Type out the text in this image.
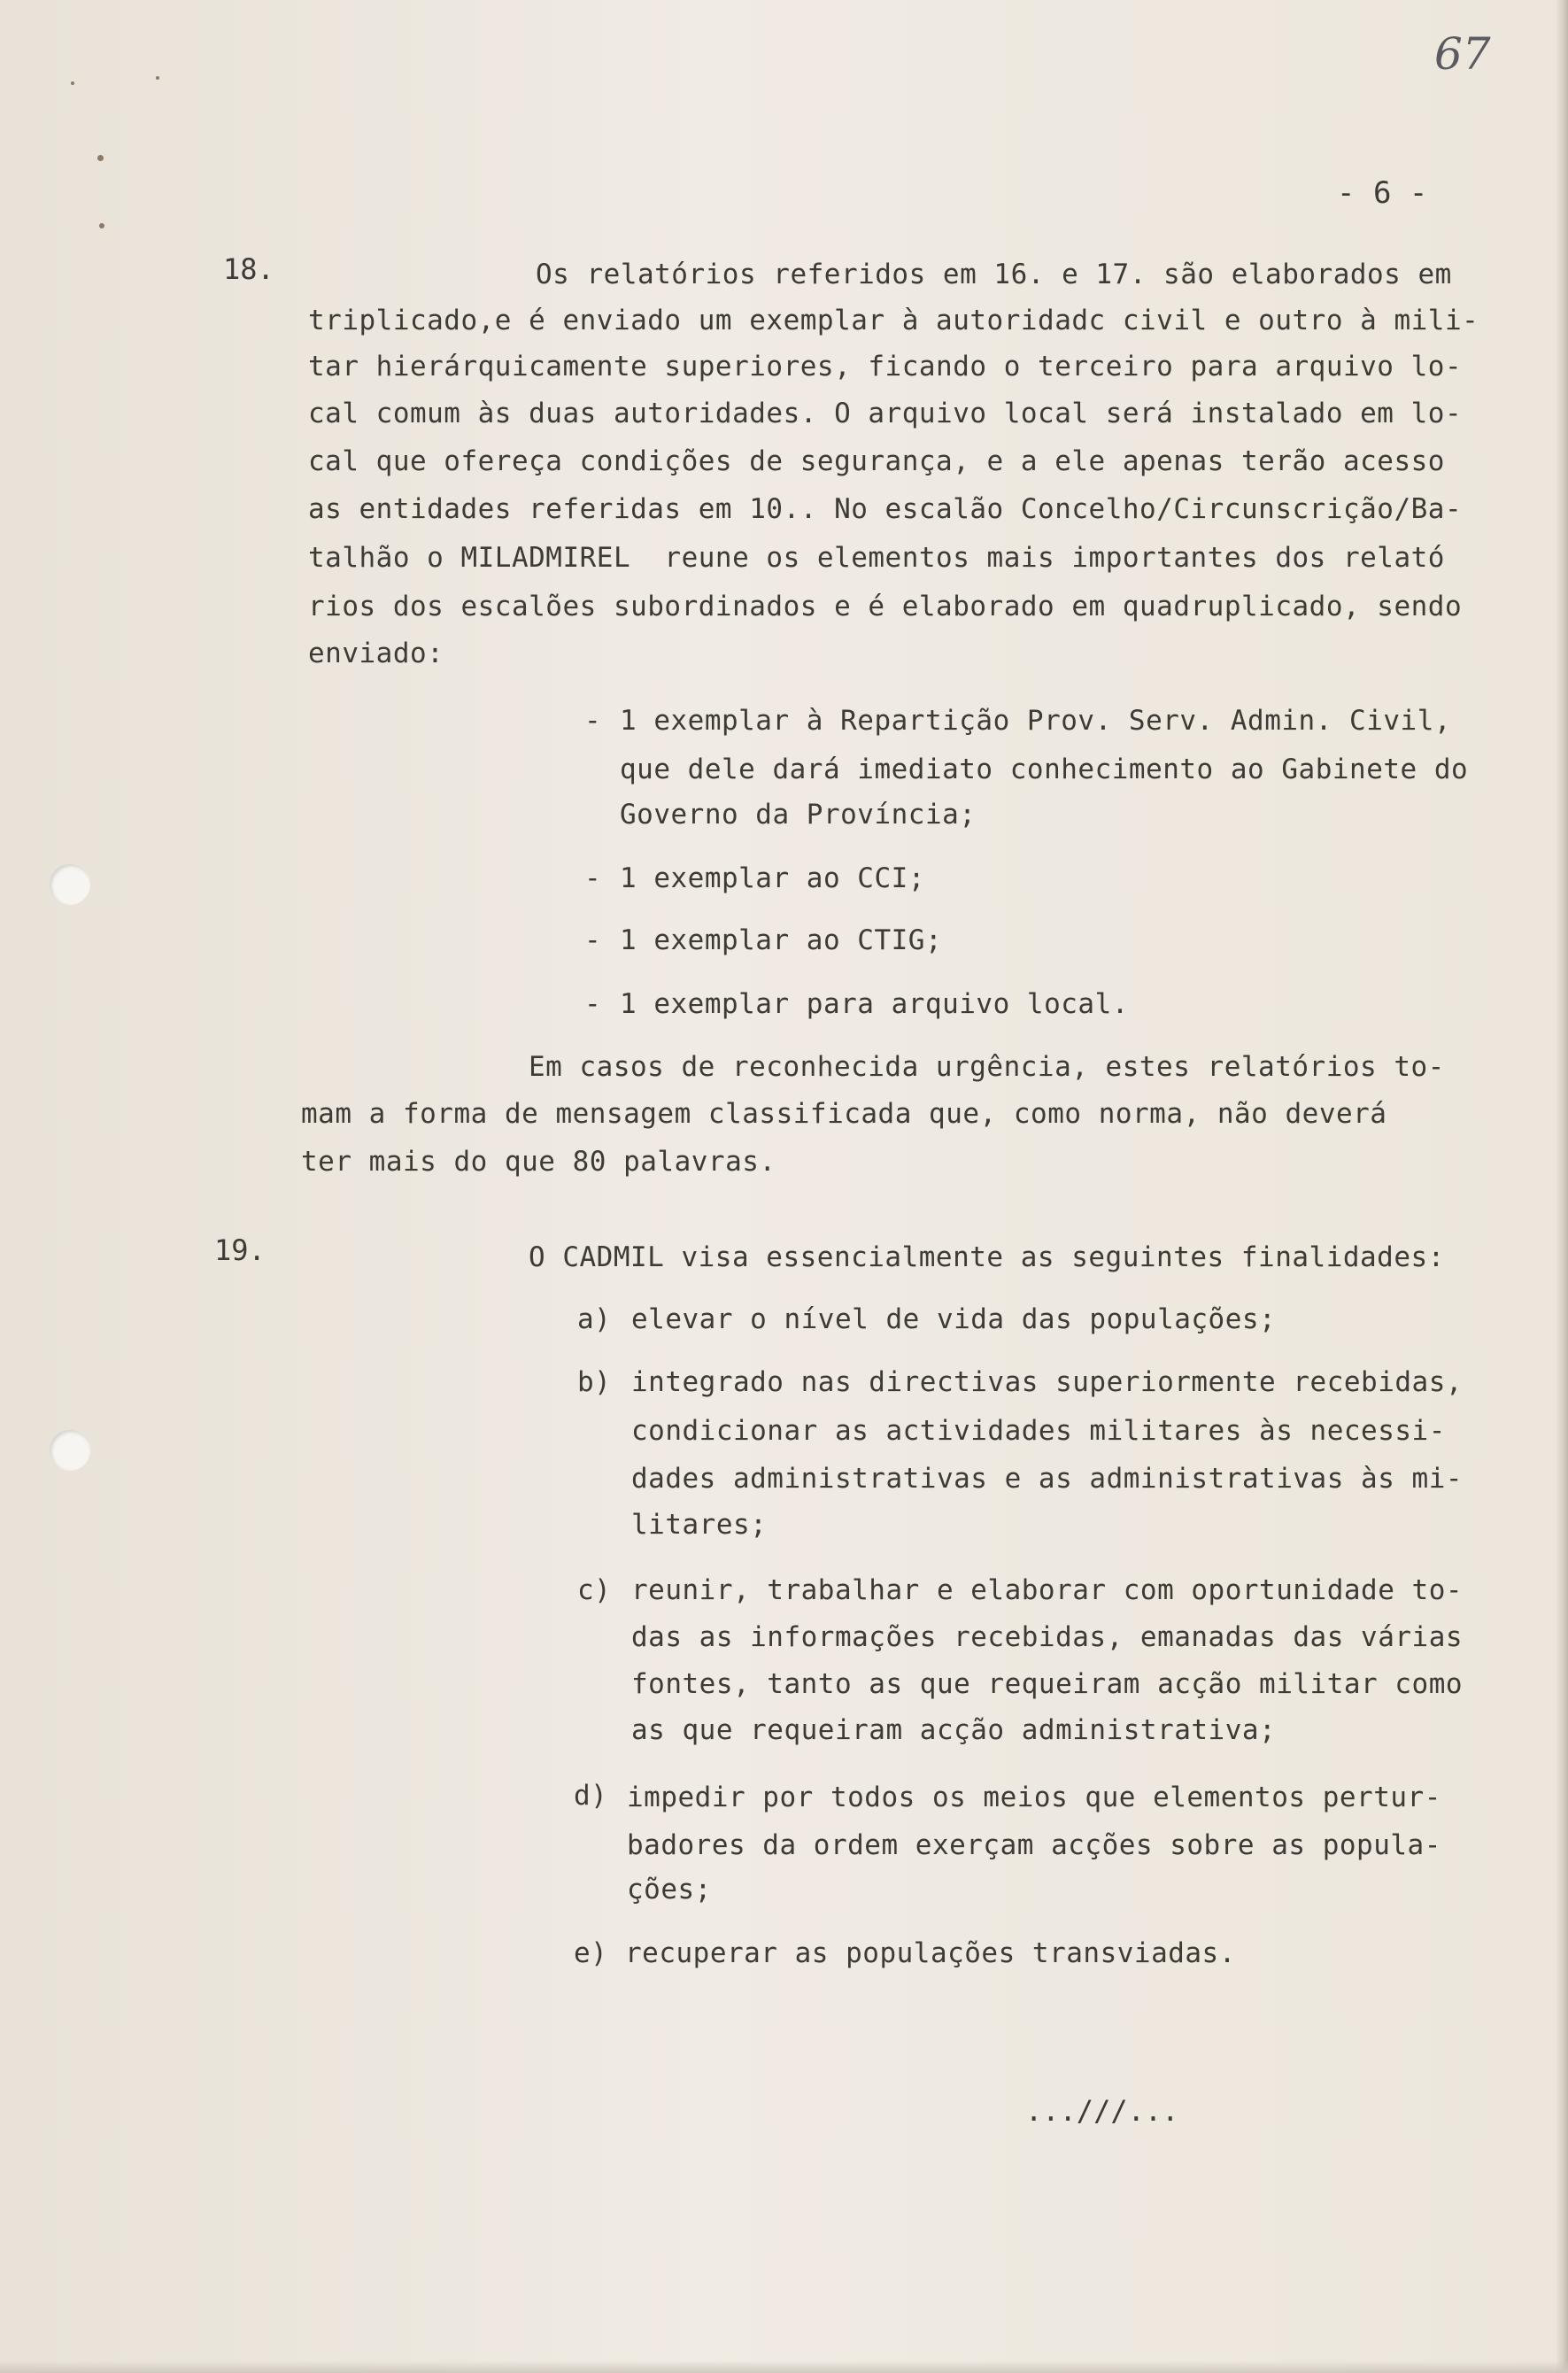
67
- 6 -
18.	Os relatórios referidos em 16. e 17. são elaborados em
triplicado,e é enviado um exemplar à autoridadc civil e outro à mili-
tar hierárquicamente superiores, ficando o terceiro para arquivo lo-
cal comum às duas autoridades. O arquivo local será instalado em lo-
cal que ofereça condições de segurança, e a ele apenas terão acesso
as entidades referidas em 10.. No escalão Concelho/Circunscrição/Ba-
talhão o MILADMIREL  reune os elementos mais importantes dos relató
rios dos escalões subordinados e é elaborado em quadruplicado, sendo
enviado:
- 1 exemplar à Repartição Prov. Serv. Admin. Civil,
que dele dará imediato conhecimento ao Gabinete do
Governo da Província;
- 1 exemplar ao CCI;
- 1 exemplar ao CTIG;
- 1 exemplar para arquivo local.
Em casos de reconhecida urgência, estes relatórios to-
mam a forma de mensagem classificada que, como norma, não deverá
ter mais do que 80 palavras.
19.	O CADMIL visa essencialmente as seguintes finalidades:
a) elevar o nível de vida das populações;
b) integrado nas directivas superiormente recebidas,
condicionar as actividades militares às necessi-
dades administrativas e as administrativas às mi-
litares;
c) reunir, trabalhar e elaborar com oportunidade to-
das as informações recebidas, emanadas das várias
fontes, tanto as que requeiram acção militar como
as que requeiram acção administrativa;
d) impedir por todos os meios que elementos pertur-
badores da ordem exerçam acções sobre as popula-
ções;
e) recuperar as populações transviadas.
...///...
